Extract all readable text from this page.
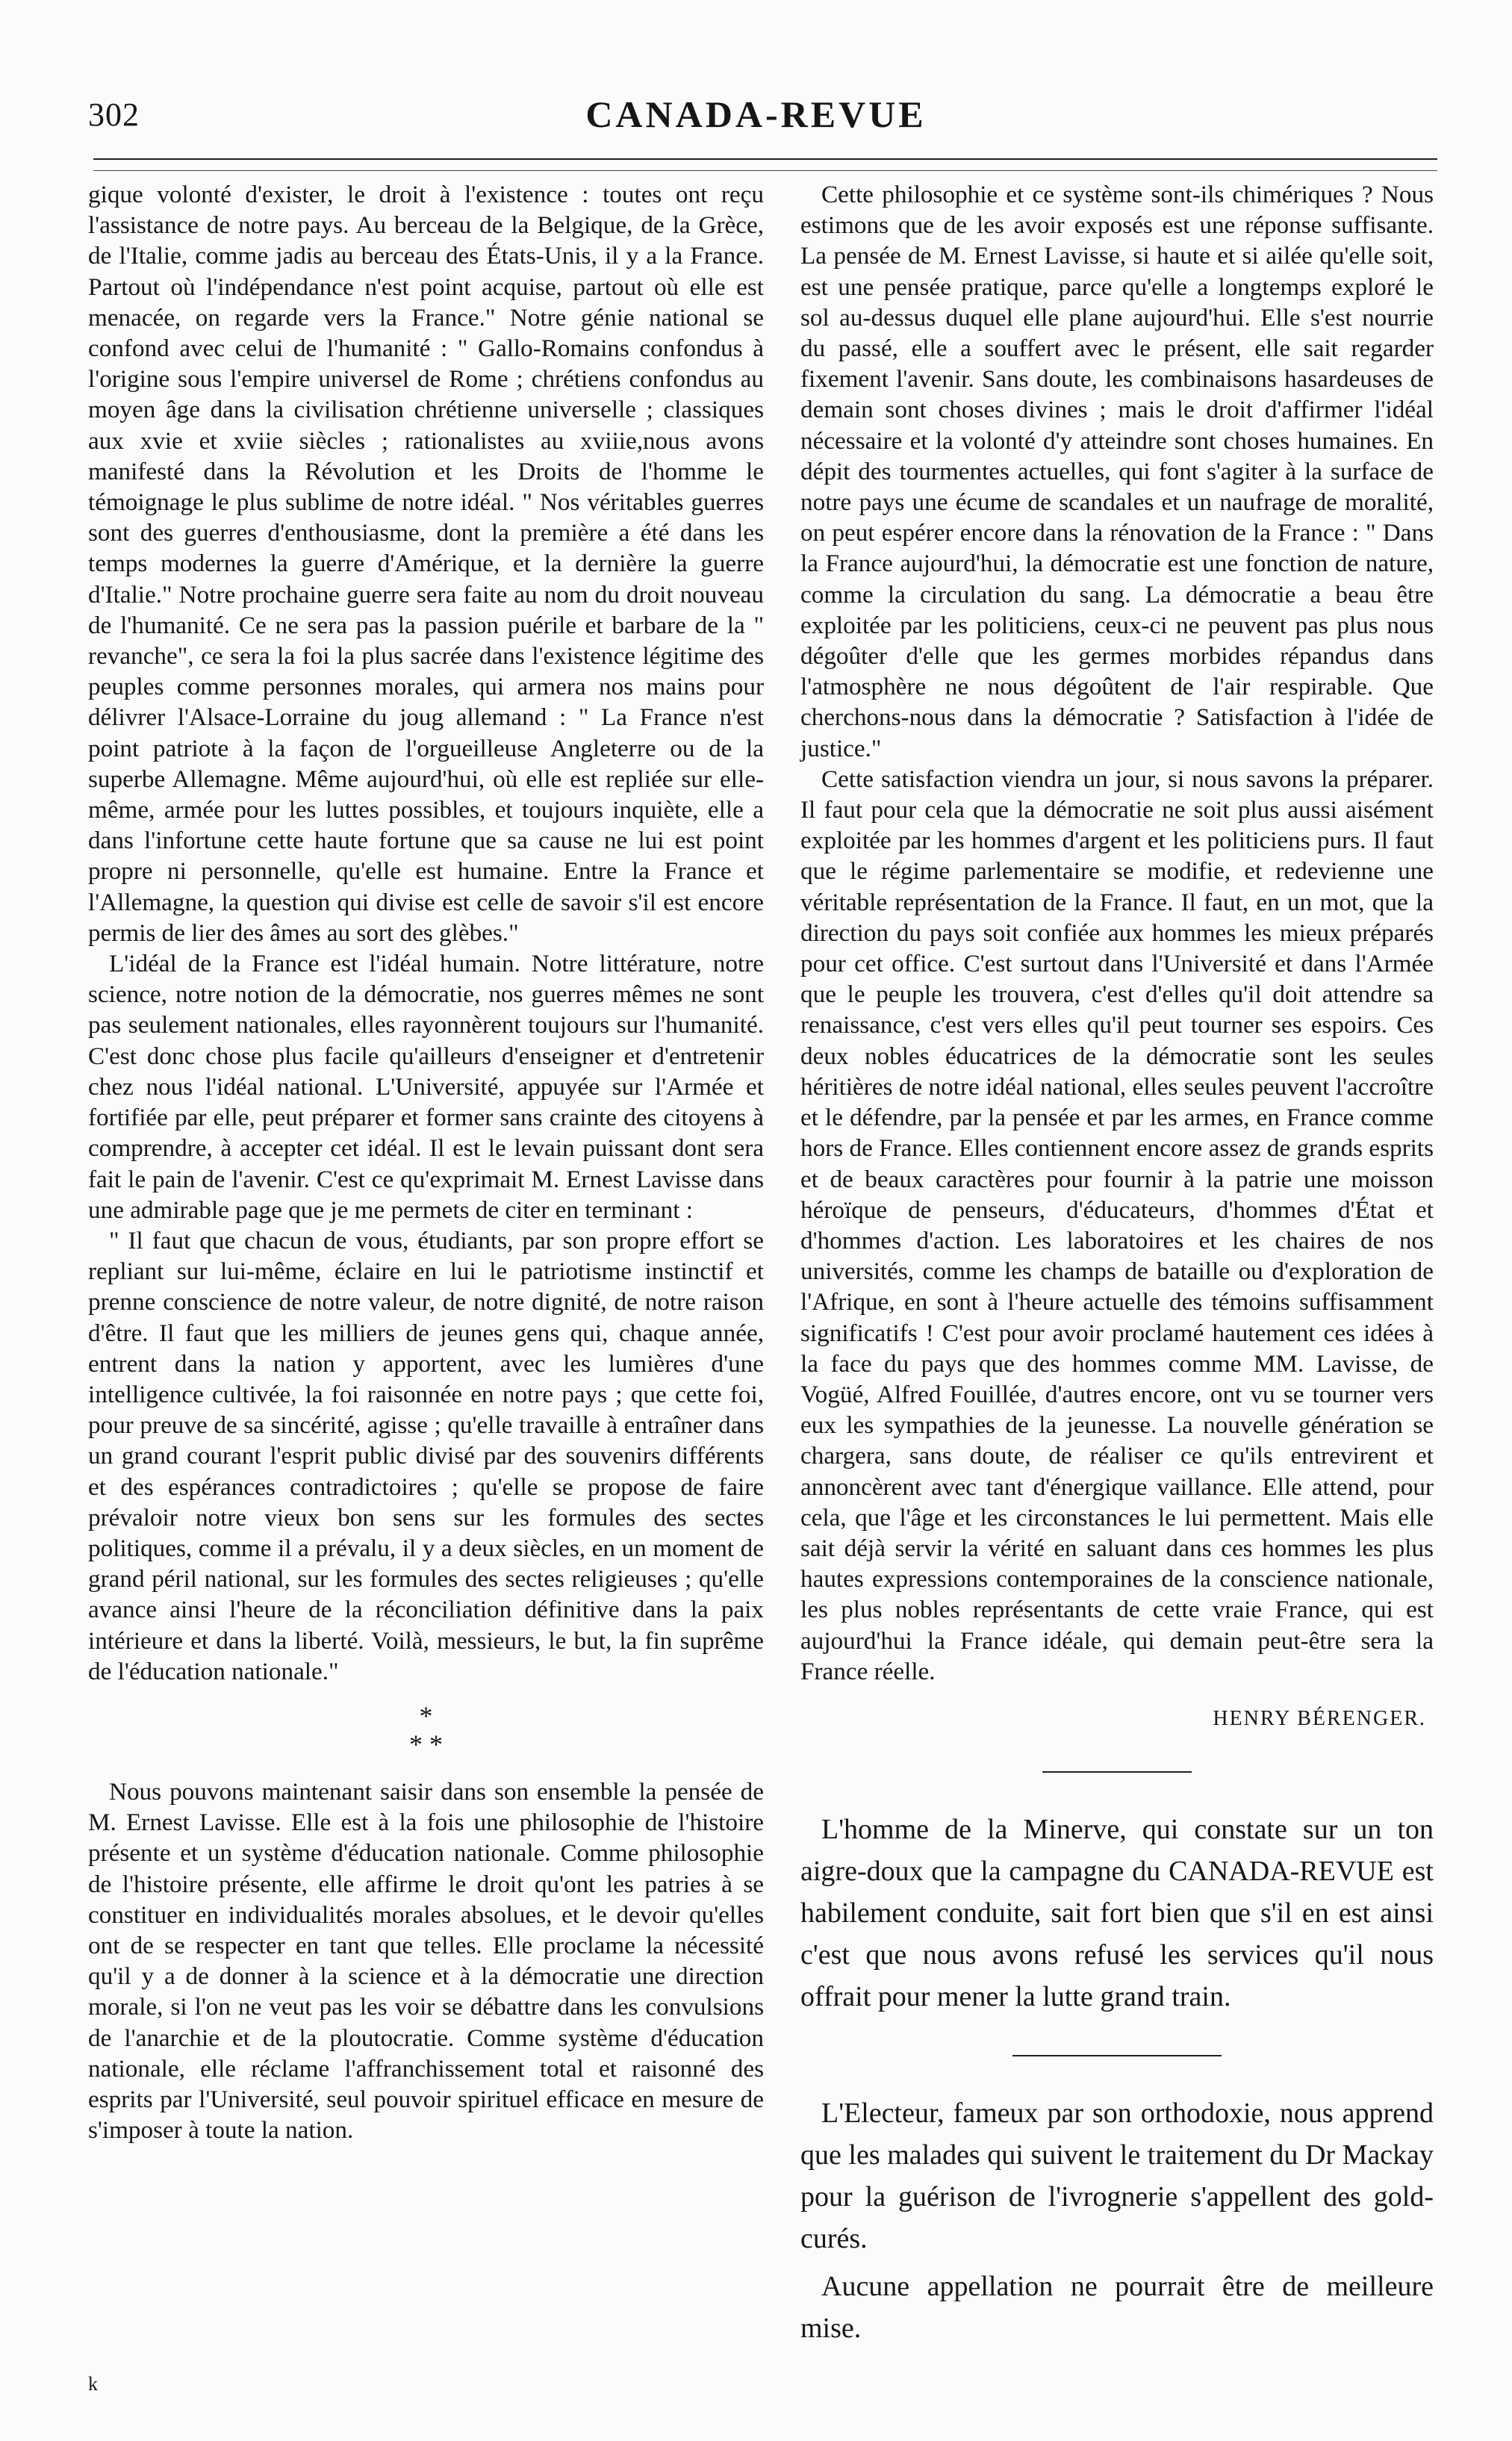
302	CANADA-REVUE

gique volonté d'exister, le droit à l'existence : toutes ont reçu l'assistance de notre pays. Au berceau de la Belgique, de la Grèce, de l'Italie, comme jadis au berceau des États-Unis, il y a la France. Partout où l'indépendance n'est point acquise, partout où elle est menacée, on regarde vers la France." Notre génie national se confond avec celui de l'humanité : " Gallo-Romains confondus à l'origine sous l'empire universel de Rome ; chrétiens confondus au moyen âge dans la civilisation chrétienne universelle ; classiques aux xvie et xviie siècles ; rationalistes au xviiie,nous avons manifesté dans la Révolution et les Droits de l'homme le témoignage le plus sublime de notre idéal. " Nos véritables guerres sont des guerres d'enthousiasme, dont la première a été dans les temps modernes la guerre d'Amérique, et la dernière la guerre d'Italie." Notre prochaine guerre sera faite au nom du droit nouveau de l'humanité. Ce ne sera pas la passion puérile et barbare de la " revanche", ce sera la foi la plus sacrée dans l'existence légitime des peuples comme personnes morales, qui armera nos mains pour délivrer l'Alsace-Lorraine du joug allemand : " La France n'est point patriote à la façon de l'orgueilleuse Angleterre ou de la superbe Allemagne. Même aujourd'hui, où elle est repliée sur elle-même, armée pour les luttes possibles, et toujours inquiète, elle a dans l'infortune cette haute fortune que sa cause ne lui est point propre ni personnelle, qu'elle est humaine. Entre la France et l'Allemagne, la question qui divise est celle de savoir s'il est encore permis de lier des âmes au sort des glèbes."

L'idéal de la France est l'idéal humain. Notre littérature, notre science, notre notion de la démocratie, nos guerres mêmes ne sont pas seulement nationales, elles rayonnèrent toujours sur l'humanité. C'est donc chose plus facile qu'ailleurs d'enseigner et d'entretenir chez nous l'idéal national. L'Université, appuyée sur l'Armée et fortifiée par elle, peut préparer et former sans crainte des citoyens à comprendre, à accepter cet idéal. Il est le levain puissant dont sera fait le pain de l'avenir. C'est ce qu'exprimait M. Ernest Lavisse dans une admirable page que je me permets de citer en terminant :

" Il faut que chacun de vous, étudiants, par son propre effort se repliant sur lui-même, éclaire en lui le patriotisme instinctif et prenne conscience de notre valeur, de notre dignité, de notre raison d'être. Il faut que les milliers de jeunes gens qui, chaque année, entrent dans la nation y apportent, avec les lumières d'une intelligence cultivée, la foi raisonnée en notre pays ; que cette foi, pour preuve de sa sincérité, agisse ; qu'elle travaille à entraîner dans un grand courant l'esprit public divisé par des souvenirs différents et des espérances contradictoires ; qu'elle se propose de faire prévaloir notre vieux bon sens sur les formules des sectes politiques, comme il a prévalu, il y a deux siècles, en un moment de grand péril national, sur les formules des sectes religieuses ; qu'elle avance ainsi l'heure de la réconciliation définitive dans la paix intérieure et dans la liberté. Voilà, messieurs, le but, la fin suprême de l'éducation nationale."

*
* *

Nous pouvons maintenant saisir dans son ensemble la pensée de M. Ernest Lavisse. Elle est à la fois une philosophie de l'histoire présente et un système d'éducation nationale. Comme philosophie de l'histoire présente, elle affirme le droit qu'ont les patries à se constituer en individualités morales absolues, et le devoir qu'elles ont de se respecter en tant que telles. Elle proclame la nécessité qu'il y a de donner à la science et à la démocratie une direction morale, si l'on ne veut pas les voir se débattre dans les convulsions de l'anarchie et de la ploutocratie. Comme système d'éducation nationale, elle réclame l'affranchissement total et raisonné des esprits par l'Université, seul pouvoir spirituel efficace en mesure de s'imposer à toute la nation.

Cette philosophie et ce système sont-ils chimériques ? Nous estimons que de les avoir exposés est une réponse suffisante. La pensée de M. Ernest Lavisse, si haute et si ailée qu'elle soit, est une pensée pratique, parce qu'elle a longtemps exploré le sol au-dessus duquel elle plane aujourd'hui. Elle s'est nourrie du passé, elle a souffert avec le présent, elle sait regarder fixement l'avenir. Sans doute, les combinaisons hasardeuses de demain sont choses divines ; mais le droit d'affirmer l'idéal nécessaire et la volonté d'y atteindre sont choses humaines. En dépit des tourmentes actuelles, qui font s'agiter à la surface de notre pays une écume de scandales et un naufrage de moralité, on peut espérer encore dans la rénovation de la France : " Dans la France aujourd'hui, la démocratie est une fonction de nature, comme la circulation du sang. La démocratie a beau être exploitée par les politiciens, ceux-ci ne peuvent pas plus nous dégoûter d'elle que les germes morbides répandus dans l'atmosphère ne nous dégoûtent de l'air respirable. Que cherchons-nous dans la démocratie ? Satisfaction à l'idée de justice."

Cette satisfaction viendra un jour, si nous savons la préparer. Il faut pour cela que la démocratie ne soit plus aussi aisément exploitée par les hommes d'argent et les politiciens purs. Il faut que le régime parlementaire se modifie, et redevienne une véritable représentation de la France. Il faut, en un mot, que la direction du pays soit confiée aux hommes les mieux préparés pour cet office. C'est surtout dans l'Université et dans l'Armée que le peuple les trouvera, c'est d'elles qu'il doit attendre sa renaissance, c'est vers elles qu'il peut tourner ses espoirs. Ces deux nobles éducatrices de la démocratie sont les seules héritières de notre idéal national, elles seules peuvent l'accroître et le défendre, par la pensée et par les armes, en France comme hors de France. Elles contiennent encore assez de grands esprits et de beaux caractères pour fournir à la patrie une moisson héroïque de penseurs, d'éducateurs, d'hommes d'État et d'hommes d'action. Les laboratoires et les chaires de nos universités, comme les champs de bataille ou d'exploration de l'Afrique, en sont à l'heure actuelle des témoins suffisamment significatifs ! C'est pour avoir proclamé hautement ces idées à la face du pays que des hommes comme MM. Lavisse, de Vogüé, Alfred Fouillée, d'autres encore, ont vu se tourner vers eux les sympathies de la jeunesse. La nouvelle génération se chargera, sans doute, de réaliser ce qu'ils entrevirent et annoncèrent avec tant d'énergique vaillance. Elle attend, pour cela, que l'âge et les circonstances le lui permettent. Mais elle sait déjà servir la vérité en saluant dans ces hommes les plus hautes expressions contemporaines de la conscience nationale, les plus nobles représentants de cette vraie France, qui est aujourd'hui la France idéale, qui demain peut-être sera la France réelle.

HENRY BÉRENGER.

L'homme de la Minerve, qui constate sur un ton aigre-doux que la campagne du CANADA-REVUE est habilement conduite, sait fort bien que s'il en est ainsi c'est que nous avons refusé les services qu'il nous offrait pour mener la lutte grand train.

L'Electeur, fameux par son orthodoxie, nous apprend que les malades qui suivent le traitement du Dr Mackay pour la guérison de l'ivrognerie s'appellent des gold-curés.

Aucune appellation ne pourrait être de meilleure mise.

k
